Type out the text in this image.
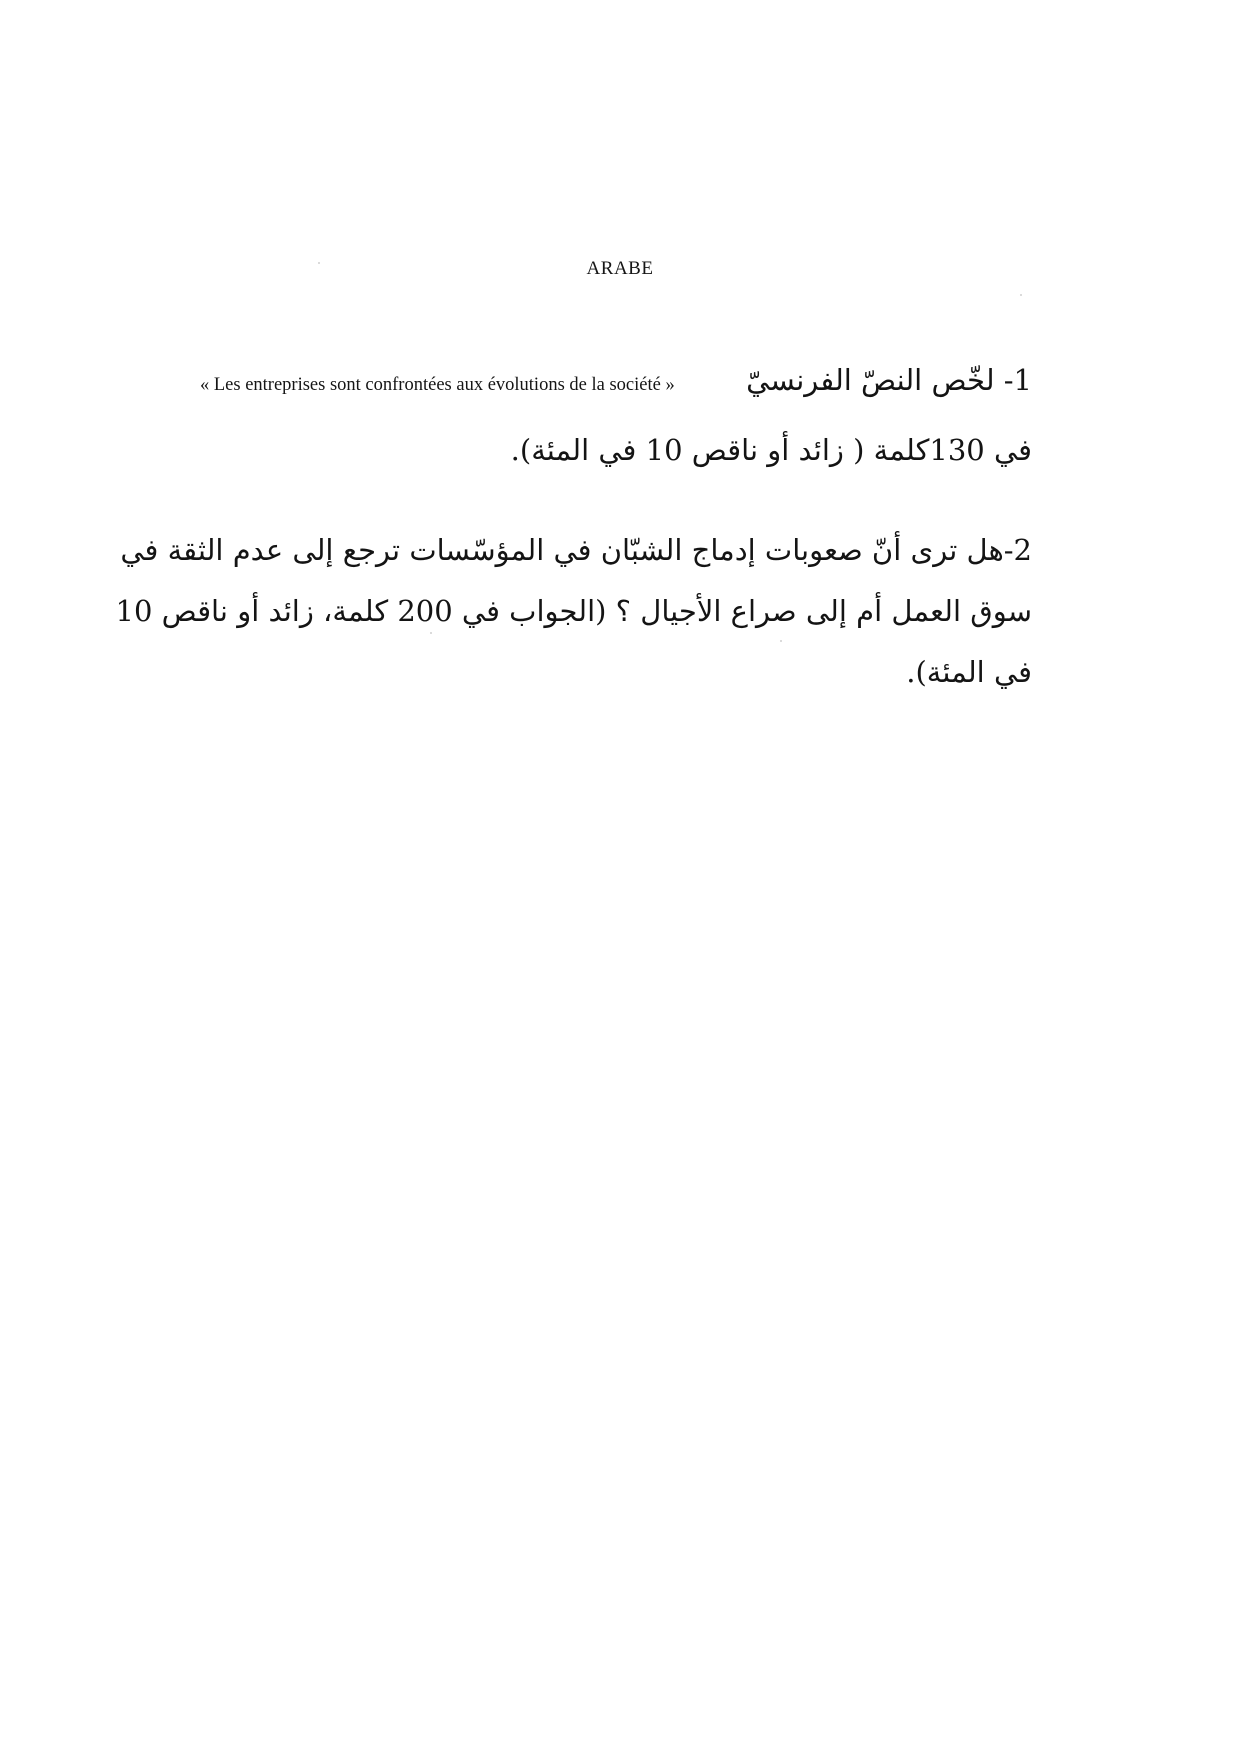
ARABE
1- لخّص النصّ الفرنسيّ
« Les entreprises sont confrontées aux évolutions de la société »
في 130كلمة ( زائد أو ناقص 10 في المئة).
2-هل ترى أنّ صعوبات إدماج الشبّان في المؤسّسات ترجع إلى عدم الثقة في
سوق العمل أم إلى صراع الأجيال ؟ (الجواب في 200 كلمة، زائد أو ناقص 10
في المئة).
